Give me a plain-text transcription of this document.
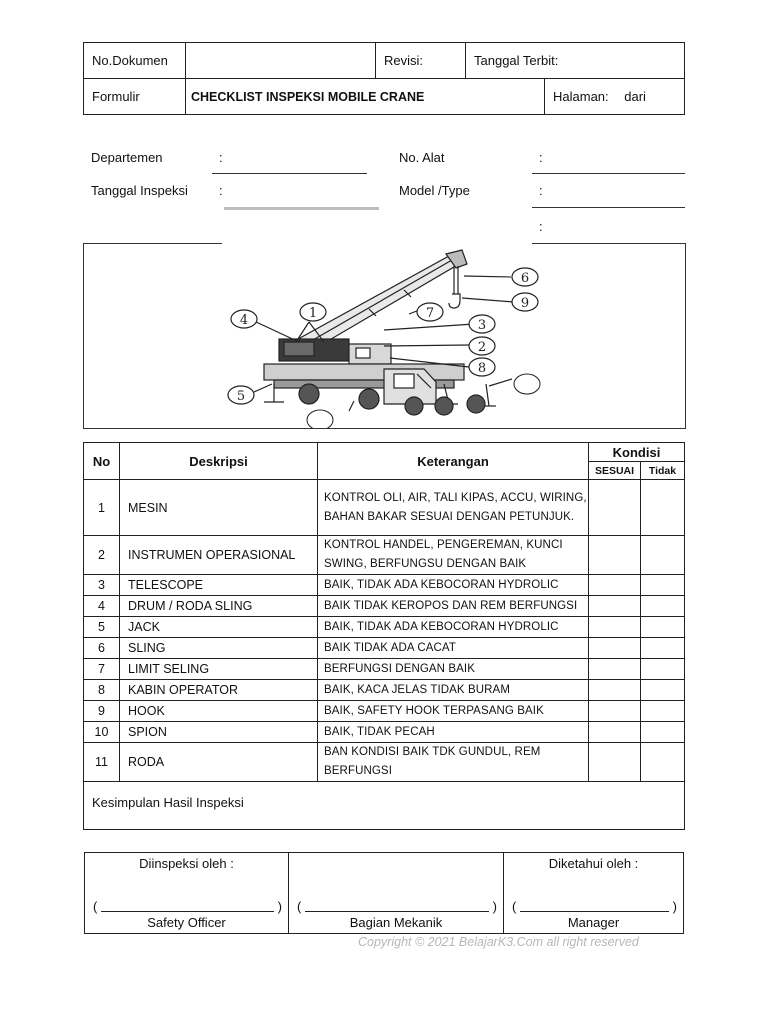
No.Dokumen		Revisi:	Tanggal Terbit:	
Formulir	CHECKLIST INSPEKSI MOBILE CRANE			Halaman: dari
Departemen	:
Tanggal Inspeksi :
No. Alat	:
Model /Type	:
:
1
2
3
4
5
6
7
8
9
No	Deskripsi	Keterangan	Kondisi	
			SESUAI	Tidak
1	MESIN	KONTROL OLI, AIR, TALI KIPAS, ACCU, WIRING, BAHAN BAKAR SESUAI DENGAN PETUNJUK.		
2	INSTRUMEN OPERASIONAL	KONTROL HANDEL, PENGEREMAN, KUNCI SWING, BERFUNGSU DENGAN BAIK		
3	TELESCOPE	BAIK, TIDAK ADA KEBOCORAN HYDROLIC		
4	DRUM / RODA SLING	BAIK TIDAK KEROPOS DAN REM BERFUNGSI		
5	JACK	BAIK, TIDAK ADA KEBOCORAN HYDROLIC		
6	SLING	BAIK TIDAK ADA CACAT		
7	LIMIT SELING	BERFUNGSI DENGAN BAIK		
8	KABIN OPERATOR	BAIK, KACA JELAS TIDAK BURAM		
9	HOOK	BAIK, SAFETY HOOK TERPASANG BAIK		
10	SPION	BAIK, TIDAK PECAH		
11	RODA	BAN KONDISI BAIK TDK GUNDUL, REM BERFUNGSI		
Kesimpulan Hasil Inspeksi				
Diinspeksi oleh :
(	)
Safety Officer

(	)
Bagian Mekanik

Diketahui oleh :
(	)
Manager
Copyright © 2021 BelajarK3.Com all right reserved
